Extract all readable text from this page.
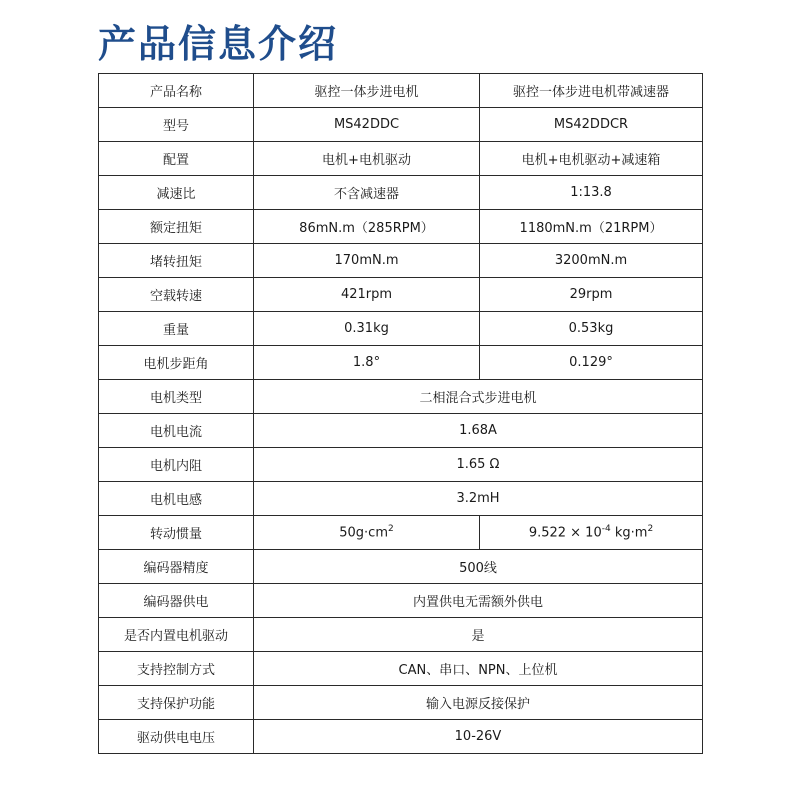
产品信息介绍
产品名称	驱控一体步进电机	驱控一体步进电机带减速器
型号	MS42DDC	MS42DDCR
配置	电机+电机驱动	电机+电机驱动+减速箱
减速比	不含减速器	1:13.8
额定扭矩	86mN.m（285RPM）	1180mN.m（21RPM）
堵转扭矩	170mN.m	3200mN.m
空载转速	421rpm	29rpm
重量	0.31kg	0.53kg
电机步距角	1.8°	0.129°
电机类型	二相混合式步进电机	
电机电流	1.68A	
电机内阻	1.65 Ω	
电机电感	3.2mH	
转动惯量	$50g\cdot cm^2$	$9.522 \times 10^{-4}$ $kg\cdot m^2$
编码器精度	500线	
编码器供电	内置供电无需额外供电	
是否内置电机驱动	是	
支持控制方式	CAN、串口、NPN、上位机	
支持保护功能	输入电源反接保护	
驱动供电电压	10-26V	
